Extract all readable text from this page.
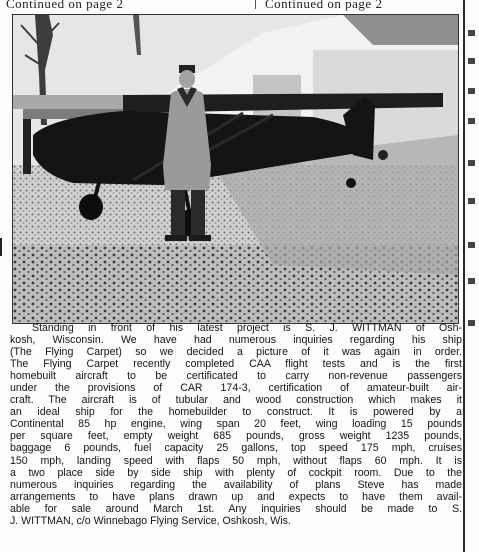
Continued on page 2	Continued on page 2
Standing in front of his latest project is S. J. WITTMAN of Osh-
kosh, Wisconsin. We have had numerous inquiries regarding his ship
(The Flying Carpet) so we decided a picture of it was again in order.
The Flying Carpet recently completed CAA flight tests and is the first
homebuilt aircraft to be certificated to carry non-revenue passengers
under the provisions of CAR 174-3, certification of amateur-built air-
craft. The aircraft is of tubular and wood construction which makes it
an ideal ship for the homebuilder to construct. It is powered by a
Continental 85 hp engine, wing span 20 feet, wing loading 15 pounds
per square feet, empty weight 685 pounds, gross weight 1235 pounds,
baggage 6 pounds, fuel capacity 25 gallons, top speed 175 mph, cruises
150 mph, landing speed with flaps 50 mph, without flaps 60 mph. It is
a two place side by side ship with plenty of cockpit room. Due to the
numerous inquiries regarding the availability of plans Steve has made
arrangements to have plans drawn up and expects to have them avail-
able for sale around March 1st. Any inquiries should be made to S.
J. WITTMAN, c/o Winnebago Flying Service, Oshkosh, Wis.
